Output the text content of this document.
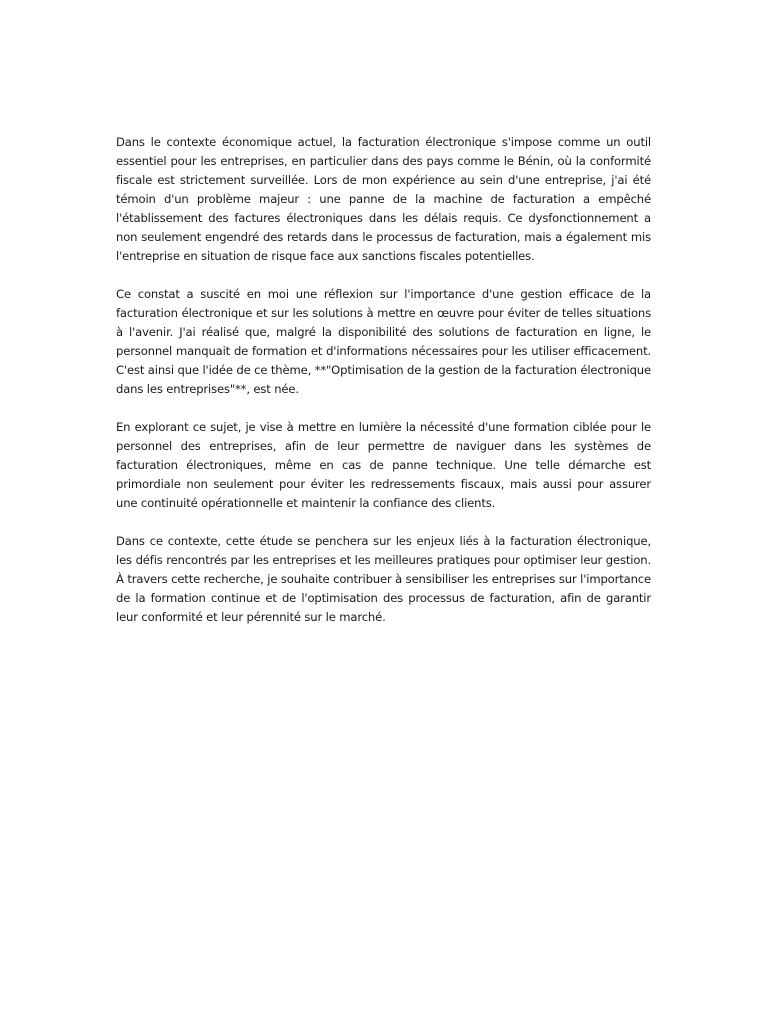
Dans le contexte économique actuel, la facturation électronique s'impose comme un outil essentiel pour les entreprises, en particulier dans des pays comme le Bénin, où la conformité fiscale est strictement surveillée. Lors de mon expérience au sein d'une entreprise, j'ai été témoin d'un problème majeur : une panne de la machine de facturation a empêché l'établissement des factures électroniques dans les délais requis. Ce dysfonctionnement a non seulement engendré des retards dans le processus de facturation, mais a également mis l'entreprise en situation de risque face aux sanctions fiscales potentielles.

Ce constat a suscité en moi une réflexion sur l'importance d'une gestion efficace de la facturation électronique et sur les solutions à mettre en œuvre pour éviter de telles situations à l'avenir. J'ai réalisé que, malgré la disponibilité des solutions de facturation en ligne, le personnel manquait de formation et d'informations nécessaires pour les utiliser efficacement. C'est ainsi que l'idée de ce thème, **"Optimisation de la gestion de la facturation électronique dans les entreprises"**, est née.

En explorant ce sujet, je vise à mettre en lumière la nécessité d'une formation ciblée pour le personnel des entreprises, afin de leur permettre de naviguer dans les systèmes de facturation électroniques, même en cas de panne technique. Une telle démarche est primordiale non seulement pour éviter les redressements fiscaux, mais aussi pour assurer une continuité opérationnelle et maintenir la confiance des clients.

Dans ce contexte, cette étude se penchera sur les enjeux liés à la facturation électronique, les défis rencontrés par les entreprises et les meilleures pratiques pour optimiser leur gestion. À travers cette recherche, je souhaite contribuer à sensibiliser les entreprises sur l'importance de la formation continue et de l'optimisation des processus de facturation, afin de garantir leur conformité et leur pérennité sur le marché.
